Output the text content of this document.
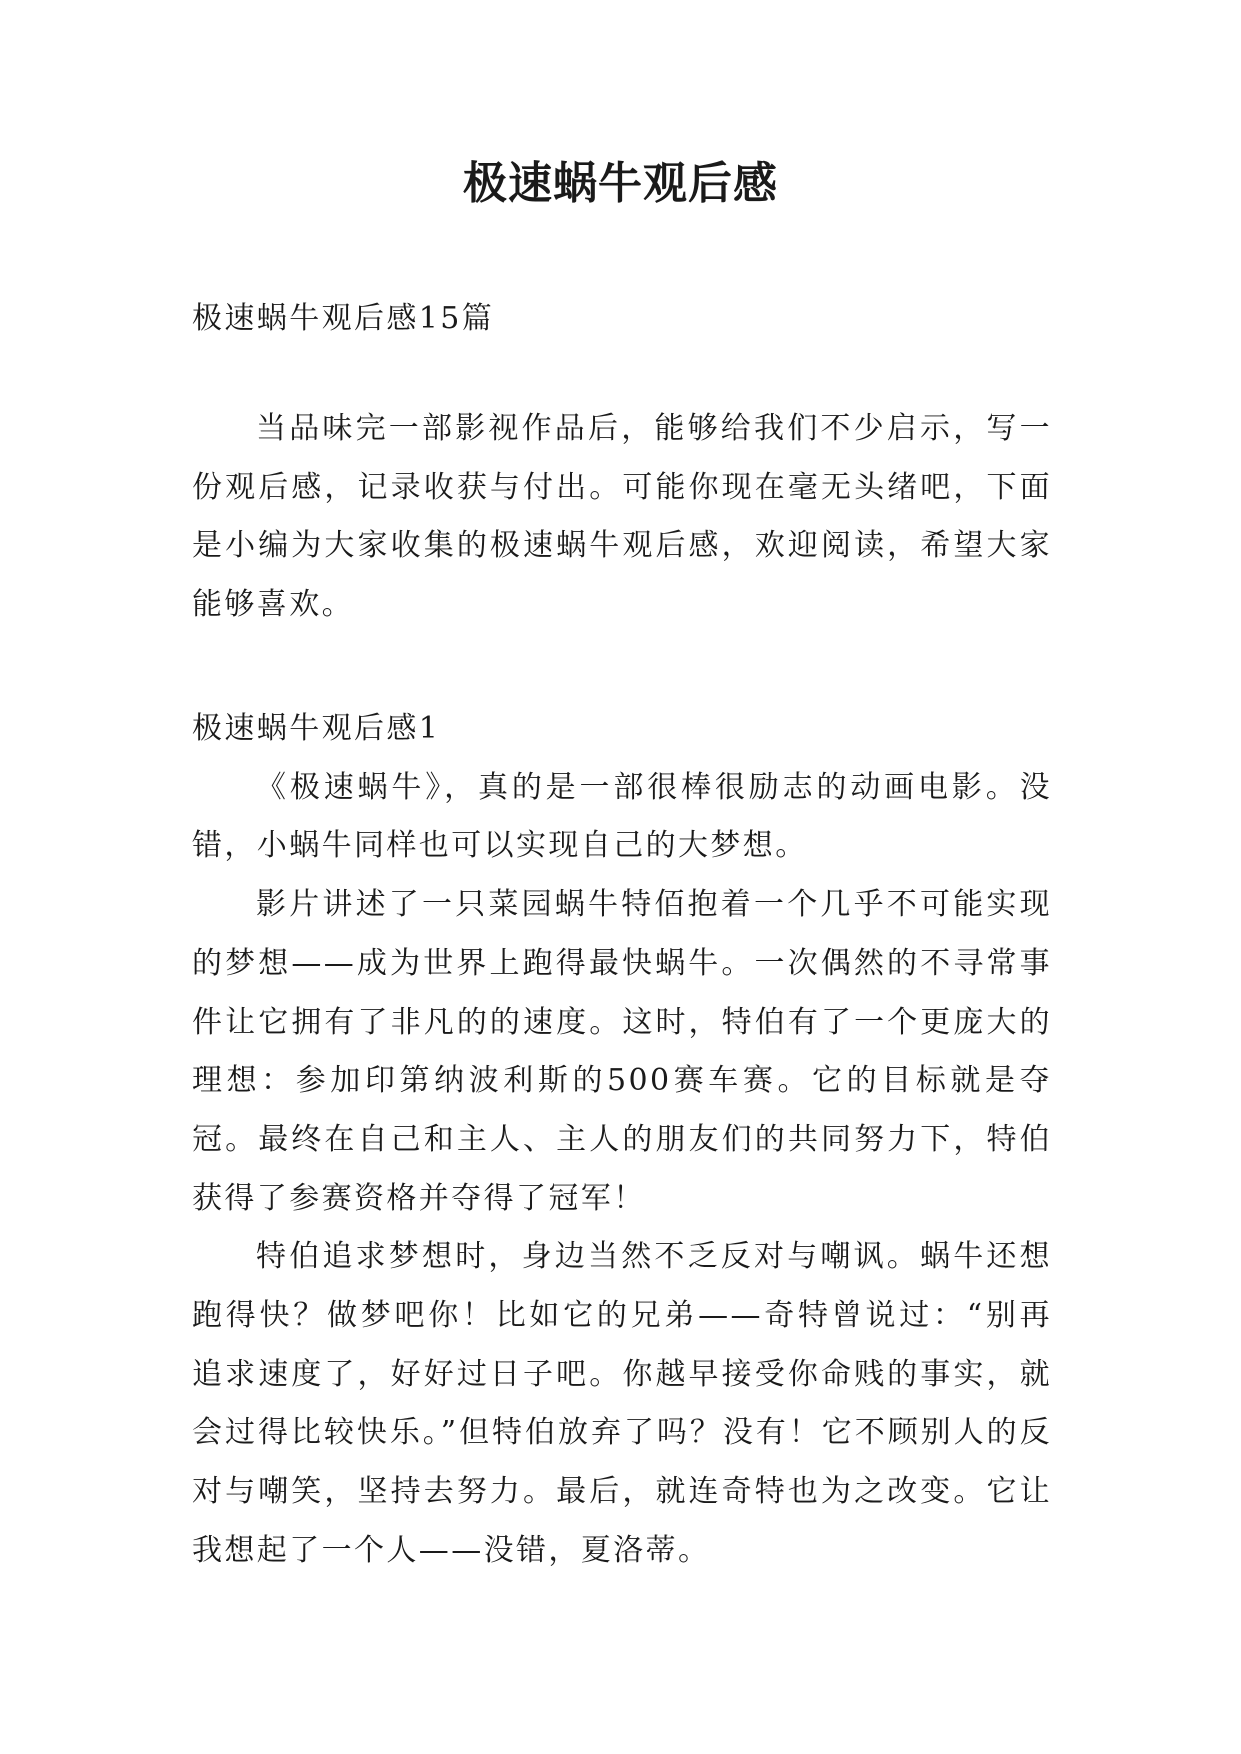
极速蜗牛观后感

极速蜗牛观后感15篇

当品味完一部影视作品后，能够给我们不少启示，写一份观后感，记录收获与付出。可能你现在毫无头绪吧，下面是小编为大家收集的极速蜗牛观后感，欢迎阅读，希望大家能够喜欢。

极速蜗牛观后感1

《极速蜗牛》，真的是一部很棒很励志的动画电影。没错，小蜗牛同样也可以实现自己的大梦想。

影片讲述了一只菜园蜗牛特佰抱着一个几乎不可能实现的梦想——成为世界上跑得最快蜗牛。一次偶然的不寻常事件让它拥有了非凡的的速度。这时，特伯有了一个更庞大的理想：参加印第纳波利斯的500赛车赛。它的目标就是夺冠。最终在自己和主人、主人的朋友们的共同努力下，特伯获得了参赛资格并夺得了冠军！

特伯追求梦想时，身边当然不乏反对与嘲讽。蜗牛还想跑得快？做梦吧你！比如它的兄弟——奇特曾说过：“别再追求速度了，好好过日子吧。你越早接受你命贱的事实，就会过得比较快乐。”但特伯放弃了吗？没有！它不顾别人的反对与嘲笑，坚持去努力。最后，就连奇特也为之改变。它让我想起了一个人——没错，夏洛蒂。
